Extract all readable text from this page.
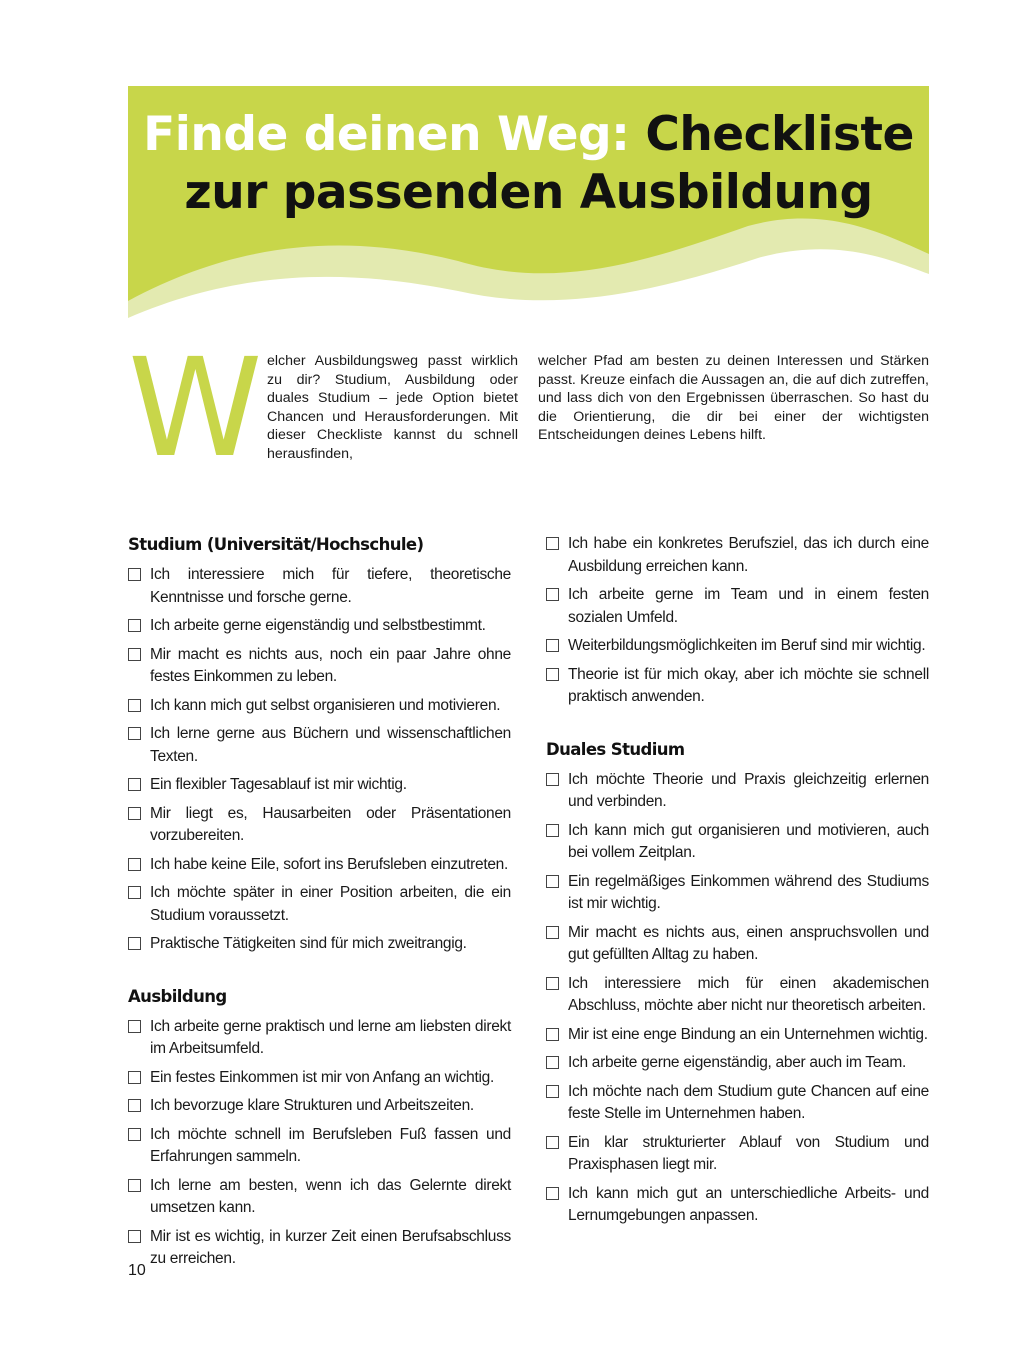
Finde deinen Weg: Checkliste
zur passenden Ausbildung
W elcher Ausbildungsweg passt wirklich zu dir? Studium, Ausbildung oder duales Studium – jede Option bietet Chancen und Herausforderungen. Mit dieser Checkliste kannst du schnell herausfinden,
welcher Pfad am besten zu deinen Interessen und Stärken passt. Kreuze einfach die Aussagen an, die auf dich zutreffen, und lass dich von den Ergebnissen überraschen. So hast du die Orientierung, die dir bei einer der wichtigsten Entscheidungen deines Lebens hilft.
Studium (Universität/Hochschule)
Ich interessiere mich für tiefere, theoretische Kenntnisse und forsche gerne.
Ich arbeite gerne eigenständig und selbstbestimmt.
Mir macht es nichts aus, noch ein paar Jahre ohne festes Einkommen zu leben.
Ich kann mich gut selbst organisieren und motivieren.
Ich lerne gerne aus Büchern und wissenschaftlichen Texten.
Ein flexibler Tagesablauf ist mir wichtig.
Mir liegt es, Hausarbeiten oder Präsentationen vorzubereiten.
Ich habe keine Eile, sofort ins Berufsleben einzutreten.
Ich möchte später in einer Position arbeiten, die ein Studium voraussetzt.
Praktische Tätigkeiten sind für mich zweitrangig.
Ausbildung
Ich arbeite gerne praktisch und lerne am liebsten direkt im Arbeitsumfeld.
Ein festes Einkommen ist mir von Anfang an wichtig.
Ich bevorzuge klare Strukturen und Arbeitszeiten.
Ich möchte schnell im Berufsleben Fuß fassen und Erfahrungen sammeln.
Ich lerne am besten, wenn ich das Gelernte direkt umsetzen kann.
Mir ist es wichtig, in kurzer Zeit einen Berufsabschluss zu erreichen.
Ich habe ein konkretes Berufsziel, das ich durch eine Ausbildung erreichen kann.
Ich arbeite gerne im Team und in einem festen sozialen Umfeld.
Weiterbildungsmöglichkeiten im Beruf sind mir wichtig.
Theorie ist für mich okay, aber ich möchte sie schnell praktisch anwenden.
Duales Studium
Ich möchte Theorie und Praxis gleichzeitig erlernen und verbinden.
Ich kann mich gut organisieren und motivieren, auch bei vollem Zeitplan.
Ein regelmäßiges Einkommen während des Studiums ist mir wichtig.
Mir macht es nichts aus, einen anspruchsvollen und gut gefüllten Alltag zu haben.
Ich interessiere mich für einen akademischen Abschluss, möchte aber nicht nur theoretisch arbeiten.
Mir ist eine enge Bindung an ein Unternehmen wichtig.
Ich arbeite gerne eigenständig, aber auch im Team.
Ich möchte nach dem Studium gute Chancen auf eine feste Stelle im Unternehmen haben.
Ein klar strukturierter Ablauf von Studium und Praxisphasen liegt mir.
Ich kann mich gut an unterschiedliche Arbeits- und Lernumgebungen anpassen.
10
